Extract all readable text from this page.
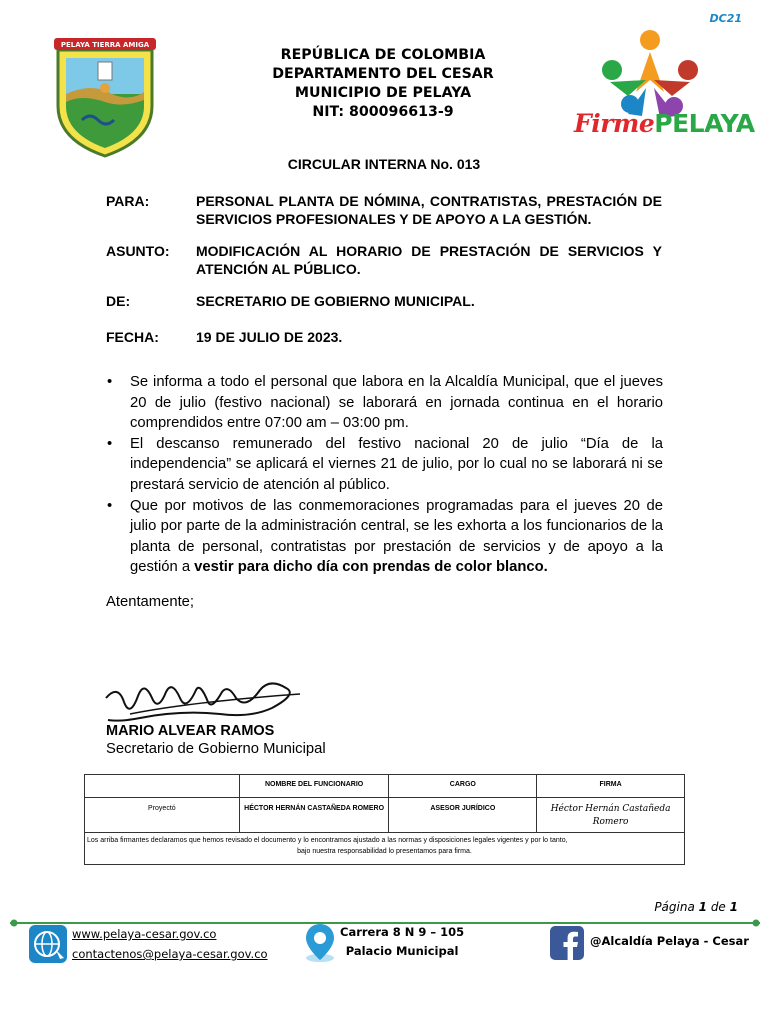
DC21
PELAYA TIERRA AMIGA
REPÚBLICA DE COLOMBIA
DEPARTAMENTO DEL CESAR
MUNICIPIO DE PELAYA
NIT: 800096613-9	FirmePELAYA
CIRCULAR INTERNA No. 013
PARA:	PERSONAL PLANTA DE NÓMINA, CONTRATISTAS, PRESTACIÓN DE SERVICIOS PROFESIONALES Y DE APOYO A LA GESTIÓN.
ASUNTO:	MODIFICACIÓN AL HORARIO DE PRESTACIÓN DE SERVICIOS Y ATENCIÓN AL PÚBLICO.
DE:	SECRETARIO DE GOBIERNO MUNICIPAL.
FECHA:	19 DE JULIO DE 2023.
• Se informa a todo el personal que labora en la Alcaldía Municipal, que el jueves 20 de julio (festivo nacional) se laborará en jornada continua en el horario comprendidos entre 07:00 am – 03:00 pm.
• El descanso remunerado del festivo nacional 20 de julio “Día de la independencia” se aplicará el viernes 21 de julio, por lo cual no se laborará ni se prestará servicio de atención al público.
• Que por motivos de las conmemoraciones programadas para el jueves 20 de julio por parte de la administración central, se les exhorta a los funcionarios de la planta de personal, contratistas por prestación de servicios y de apoyo a la gestión a vestir para dicho día con prendas de color blanco.
Atentamente;
MARIO ALVEAR RAMOS
Secretario de Gobierno Municipal
	NOMBRE DEL FUNCIONARIO	CARGO	FIRMA
Proyectó	HÉCTOR HERNÁN CASTAÑEDA ROMERO	ASESOR JURÍDICO	Héctor Hernán Castañeda Romero

Los arriba firmantes declaramos que hemos revisado el documento y lo encontramos ajustado a las normas y disposiciones legales vigentes y por lo tanto,
bajo nuestra responsabilidad lo presentamos para firma.			
Página 1 de 1
www.pelaya-cesar.gov.co
contactenos@pelaya-cesar.gov.co
Carrera 8 N 9 – 105
Palacio Municipal
@Alcaldía Pelaya - Cesar
